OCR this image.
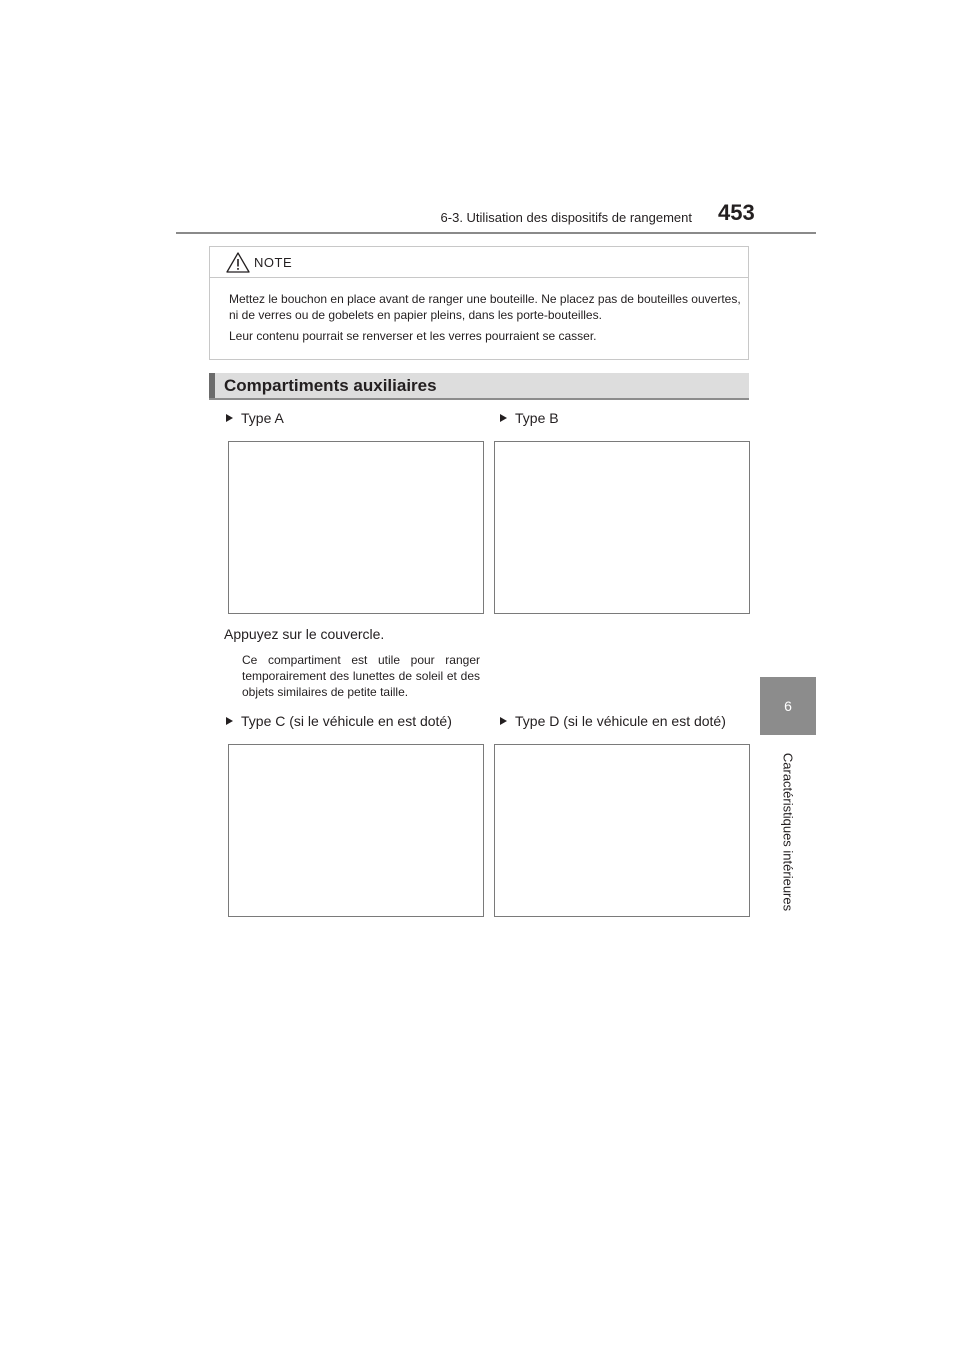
6-3. Utilisation des dispositifs de rangement 453
6
Caractéristiques intérieures
NOTE

Mettez le bouchon en place avant de ranger une bouteille. Ne placez pas de bouteilles ouvertes, ni de verres ou de gobelets en papier pleins, dans les porte-bouteilles.

Leur contenu pourrait se renverser et les verres pourraient se casser.

Compartiments auxiliaires
Type A	Type B
Appuyez sur le couvercle.

Ce compartiment est utile pour ranger temporairement des lunettes de soleil et des objets similaires de petite taille.

Type C (si le véhicule en est doté)	Type D (si le véhicule en est doté)
